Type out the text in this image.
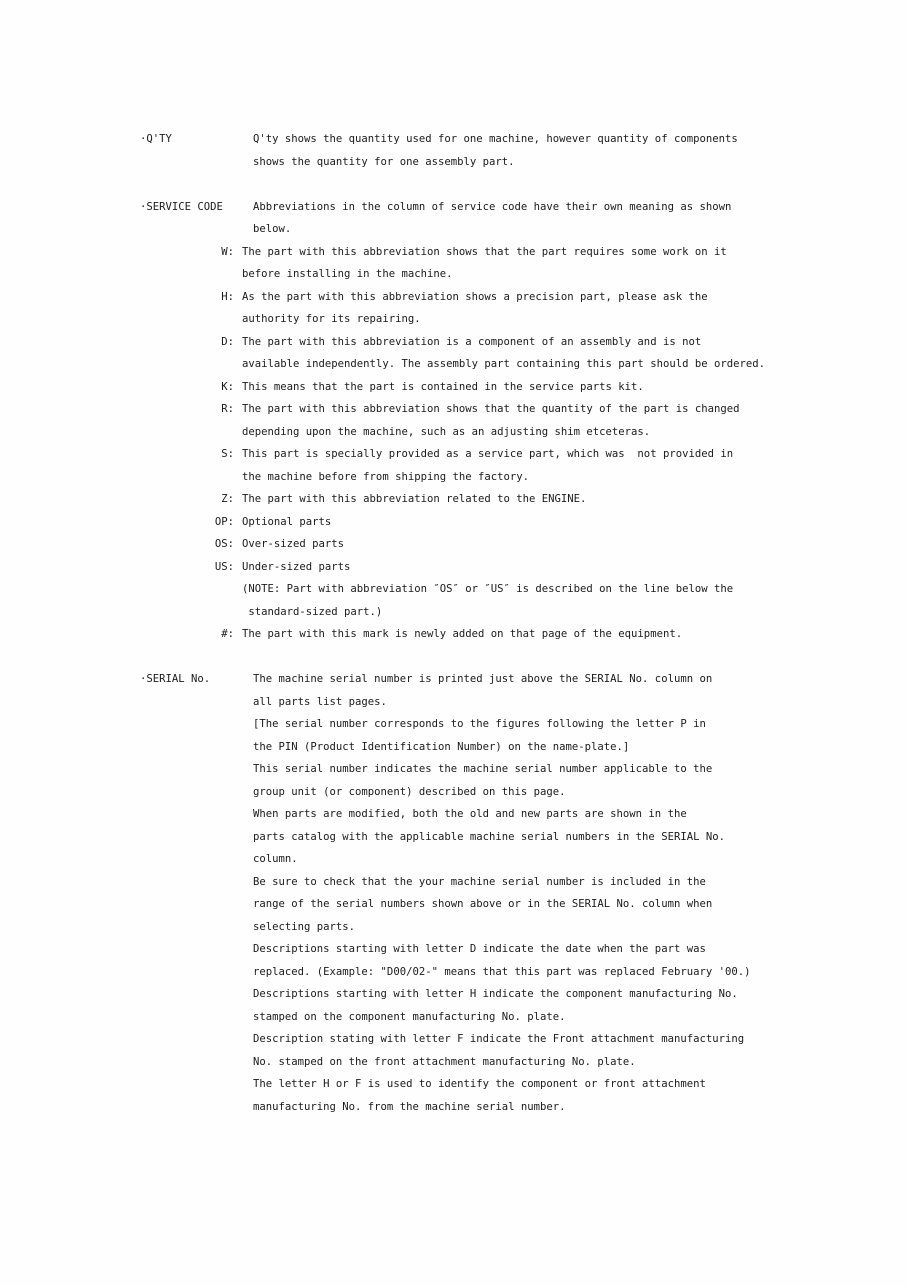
·Q'TY

	Q'ty shows the quantity used for one machine, however quantity of components

shows the quantity for one assembly part.

·SERVICE CODE

	Abbreviations in the column of service code have their own meaning as shown

below.

W:

The part with this abbreviation shows that the part requires some work on it

before installing in the machine.

H:

As the part with this abbreviation shows a precision part, please ask the

authority for its repairing.

D:

The part with this abbreviation is a component of an assembly and is not

available independently. The assembly part containing this part should be ordered.

K:

This means that the part is contained in the service parts kit.

R:

The part with this abbreviation shows that the quantity of the part is changed

depending upon the machine, such as an adjusting shim etceteras.

S:

This part is specially provided as a service part, which was  not provided in

the machine before from shipping the factory.

Z:

The part with this abbreviation related to the ENGINE.

OP:

Optional parts

OS:

Over-sized parts

US:

Under-sized parts

(NOTE: Part with abbreviation ″OS″ or ″US″ is described on the line below the

standard-sized part.)

#:

The part with this mark is newly added on that page of the equipment.

·SERIAL No.

	The machine serial number is printed just above the SERIAL No. column on

all parts list pages.

[The serial number corresponds to the figures following the letter P in

the PIN (Product Identification Number) on the name-plate.]

This serial number indicates the machine serial number applicable to the

group unit (or component) described on this page.

When parts are modified, both the old and new parts are shown in the

parts catalog with the applicable machine serial numbers in the SERIAL No.

column.

Be sure to check that the your machine serial number is included in the

range of the serial numbers shown above or in the SERIAL No. column when

selecting parts.

Descriptions starting with letter D indicate the date when the part was

replaced. (Example: "D00/02-" means that this part was replaced February '00.)

Descriptions starting with letter H indicate the component manufacturing No.

stamped on the component manufacturing No. plate.

Description stating with letter F indicate the Front attachment manufacturing

No. stamped on the front attachment manufacturing No. plate.

The letter H or F is used to identify the component or front attachment

manufacturing No. from the machine serial number.
